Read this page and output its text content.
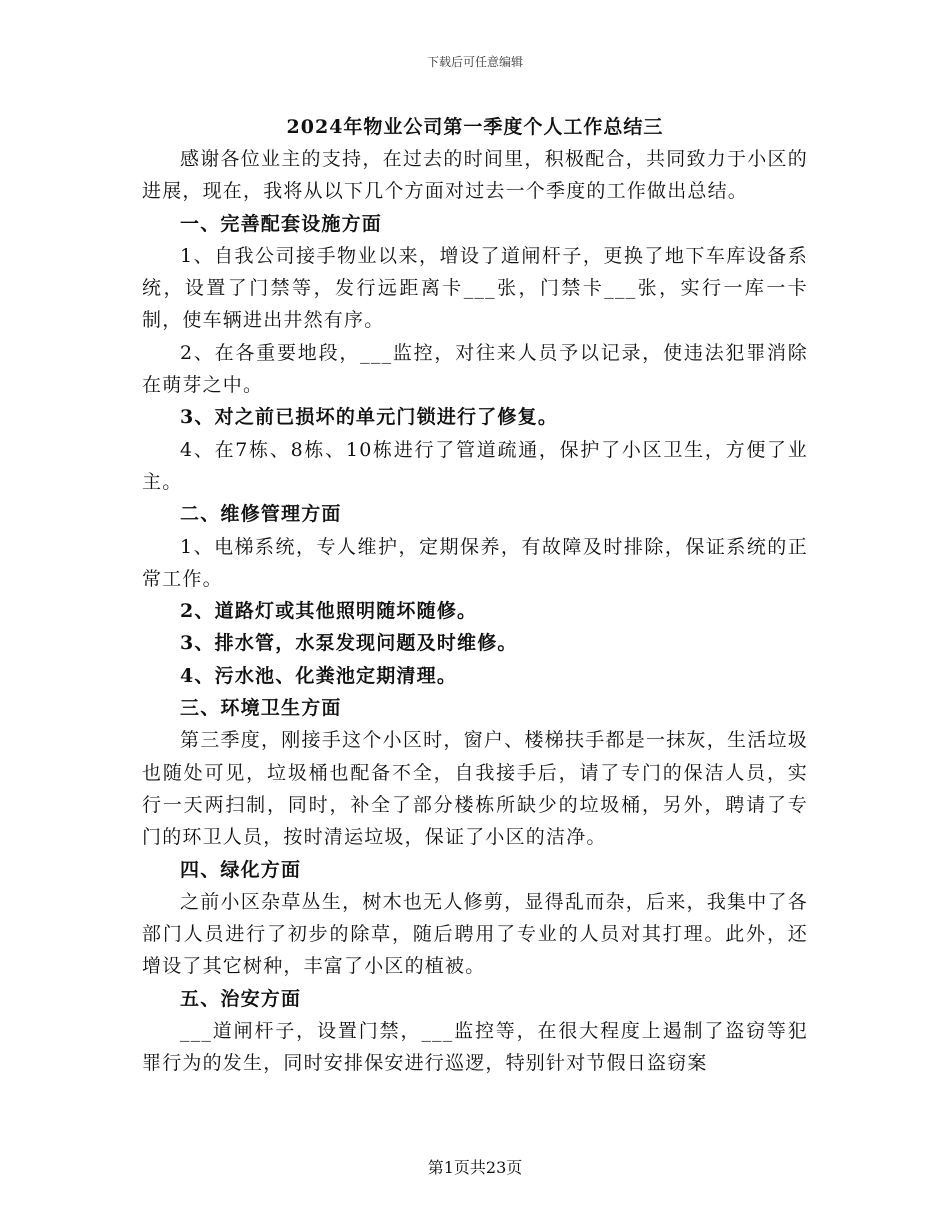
下载后可任意编辑
2024年物业公司第一季度个人工作总结三

感谢各位业主的支持，在过去的时间里，积极配合，共同致力于小区的进展，现在，我将从以下几个方面对过去一个季度的工作做出总结。

一、完善配套设施方面

1、自我公司接手物业以来，增设了道闸杆子，更换了地下车库设备系统，设置了门禁等，发行远距离卡___张，门禁卡___张，实行一库一卡制，使车辆进出井然有序。

2、在各重要地段，___监控，对往来人员予以记录，使违法犯罪消除在萌芽之中。

3、对之前已损坏的单元门锁进行了修复。

4、在7栋、8栋、10栋进行了管道疏通，保护了小区卫生，方便了业主。

二、维修管理方面

1、电梯系统，专人维护，定期保养，有故障及时排除，保证系统的正常工作。

2、道路灯或其他照明随坏随修。

3、排水管，水泵发现问题及时维修。

4、污水池、化粪池定期清理。

三、环境卫生方面

第三季度，刚接手这个小区时，窗户、楼梯扶手都是一抹灰，生活垃圾也随处可见，垃圾桶也配备不全，自我接手后，请了专门的保洁人员，实行一天两扫制，同时，补全了部分楼栋所缺少的垃圾桶，另外，聘请了专门的环卫人员，按时清运垃圾，保证了小区的洁净。

四、绿化方面

之前小区杂草丛生，树木也无人修剪，显得乱而杂，后来，我集中了各部门人员进行了初步的除草，随后聘用了专业的人员对其打理。此外，还增设了其它树种，丰富了小区的植被。

五、治安方面

___道闸杆子，设置门禁，___监控等，在很大程度上遏制了盗窃等犯罪行为的发生，同时安排保安进行巡逻，特别针对节假日盗窃案

第1页共23页
